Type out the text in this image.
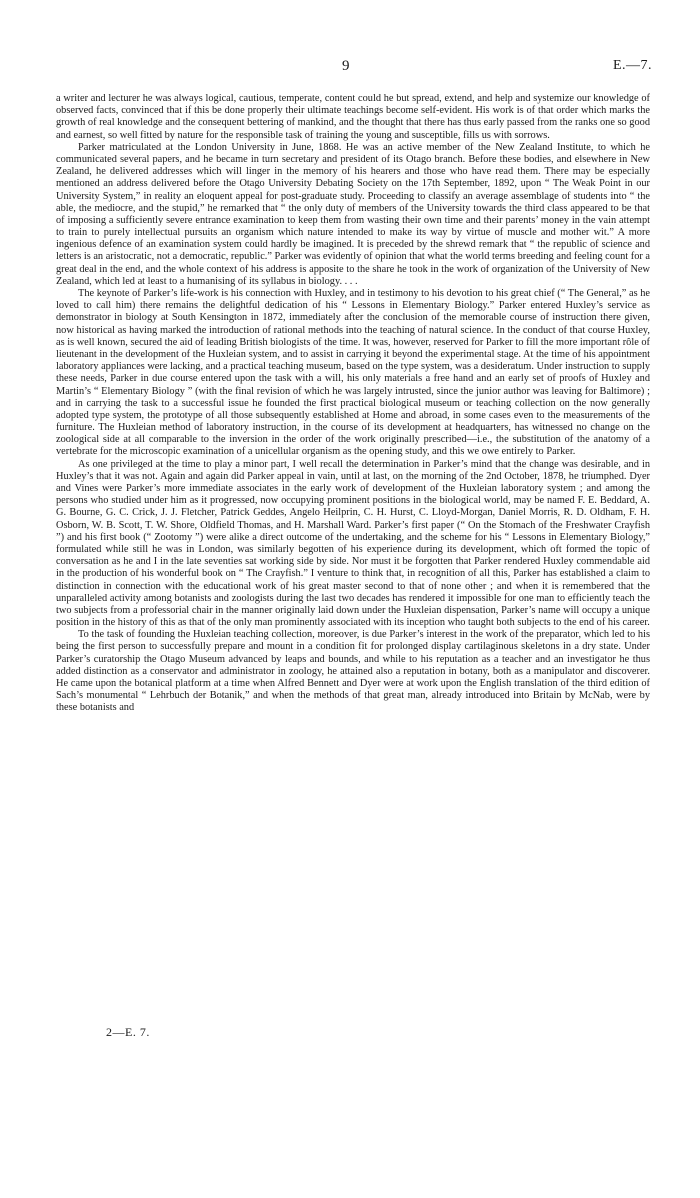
9	E.—7.

a writer and lecturer he was always logical, cautious, temperate, content could he but spread, extend, and help and systemize our knowledge of observed facts, convinced that if this be done properly their ultimate teachings become self-evident. His work is of that order which marks the growth of real knowledge and the consequent bettering of mankind, and the thought that there has thus early passed from the ranks one so good and earnest, so well fitted by nature for the responsible task of training the young and susceptible, fills us with sorrows.

Parker matriculated at the London University in June, 1868. He was an active member of the New Zealand Institute, to which he communicated several papers, and he became in turn secretary and president of its Otago branch. Before these bodies, and elsewhere in New Zealand, he delivered addresses which will linger in the memory of his hearers and those who have read them. There may be especially mentioned an address delivered before the Otago University Debating Society on the 17th September, 1892, upon “ The Weak Point in our University System,” in reality an eloquent appeal for post-graduate study. Proceeding to classify an average assemblage of students into “ the able, the mediocre, and the stupid,” he remarked that “ the only duty of members of the University towards the third class appeared to be that of imposing a sufficiently severe entrance examination to keep them from wasting their own time and their parents’ money in the vain attempt to train to purely intellectual pursuits an organism which nature intended to make its way by virtue of muscle and mother wit.” A more ingenious defence of an examination system could hardly be imagined. It is preceded by the shrewd remark that “ the republic of science and letters is an aristocratic, not a democratic, republic.” Parker was evidently of opinion that what the world terms breeding and feeling count for a great deal in the end, and the whole context of his address is apposite to the share he took in the work of organization of the University of New Zealand, which led at least to a humanising of its syllabus in biology. . . .

The keynote of Parker’s life-work is his connection with Huxley, and in testimony to his devotion to his great chief (“ The General,” as he loved to call him) there remains the delightful dedication of his “ Lessons in Elementary Biology.” Parker entered Huxley’s service as demonstrator in biology at South Kensington in 1872, immediately after the conclusion of the memorable course of instruction there given, now historical as having marked the introduction of rational methods into the teaching of natural science. In the conduct of that course Huxley, as is well known, secured the aid of leading British biologists of the time. It was, however, reserved for Parker to fill the more important rôle of lieutenant in the development of the Huxleian system, and to assist in carrying it beyond the experimental stage. At the time of his appointment laboratory appliances were lacking, and a practical teaching museum, based on the type system, was a desideratum. Under instruction to supply these needs, Parker in due course entered upon the task with a will, his only materials a free hand and an early set of proofs of Huxley and Martin’s “ Elementary Biology ” (with the final revision of which he was largely intrusted, since the junior author was leaving for Baltimore) ; and in carrying the task to a successful issue he founded the first practical biological museum or teaching collection on the now generally adopted type system, the prototype of all those subsequently established at Home and abroad, in some cases even to the measurements of the furniture. The Huxleian method of laboratory instruction, in the course of its development at headquarters, has witnessed no change on the zoological side at all comparable to the inversion in the order of the work originally prescribed—i.e., the substitution of the anatomy of a vertebrate for the microscopic examination of a unicellular organism as the opening study, and this we owe entirely to Parker.

As one privileged at the time to play a minor part, I well recall the determination in Parker’s mind that the change was desirable, and in Huxley’s that it was not. Again and again did Parker appeal in vain, until at last, on the morning of the 2nd October, 1878, he triumphed. Dyer and Vines were Parker’s more immediate associates in the early work of development of the Huxleian laboratory system ; and among the persons who studied under him as it progressed, now occupying prominent positions in the biological world, may be named F. E. Beddard, A. G. Bourne, G. C. Crick, J. J. Fletcher, Patrick Geddes, Angelo Heilprin, C. H. Hurst, C. Lloyd-Morgan, Daniel Morris, R. D. Oldham, F. H. Osborn, W. B. Scott, T. W. Shore, Oldfield Thomas, and H. Marshall Ward. Parker’s first paper (“ On the Stomach of the Freshwater Crayfish ”) and his first book (“ Zootomy ”) were alike a direct outcome of the undertaking, and the scheme for his “ Lessons in Elementary Biology,” formulated while still he was in London, was similarly begotten of his experience during its development, which oft formed the topic of conversation as he and I in the late seventies sat working side by side. Nor must it be forgotten that Parker rendered Huxley commendable aid in the production of his wonderful book on “ The Crayfish.” I venture to think that, in recognition of all this, Parker has established a claim to distinction in connection with the educational work of his great master second to that of none other ; and when it is remembered that the unparalleled activity among botanists and zoologists during the last two decades has rendered it impossible for one man to efficiently teach the two subjects from a professorial chair in the manner originally laid down under the Huxleian dispensation, Parker’s name will occupy a unique position in the history of this as that of the only man prominently associated with its inception who taught both subjects to the end of his career.

To the task of founding the Huxleian teaching collection, moreover, is due Parker’s interest in the work of the preparator, which led to his being the first person to successfully prepare and mount in a condition fit for prolonged display cartilaginous skeletons in a dry state. Under Parker’s curatorship the Otago Museum advanced by leaps and bounds, and while to his reputation as a teacher and an investigator he thus added distinction as a conservator and administrator in zoology, he attained also a reputation in botany, both as a manipulator and discoverer. He came upon the botanical platform at a time when Alfred Bennett and Dyer were at work upon the English translation of the third edition of Sach’s monumental “ Lehrbuch der Botanik,” and when the methods of that great man, already introduced into Britain by McNab, were by these botanists and

2—E. 7.
